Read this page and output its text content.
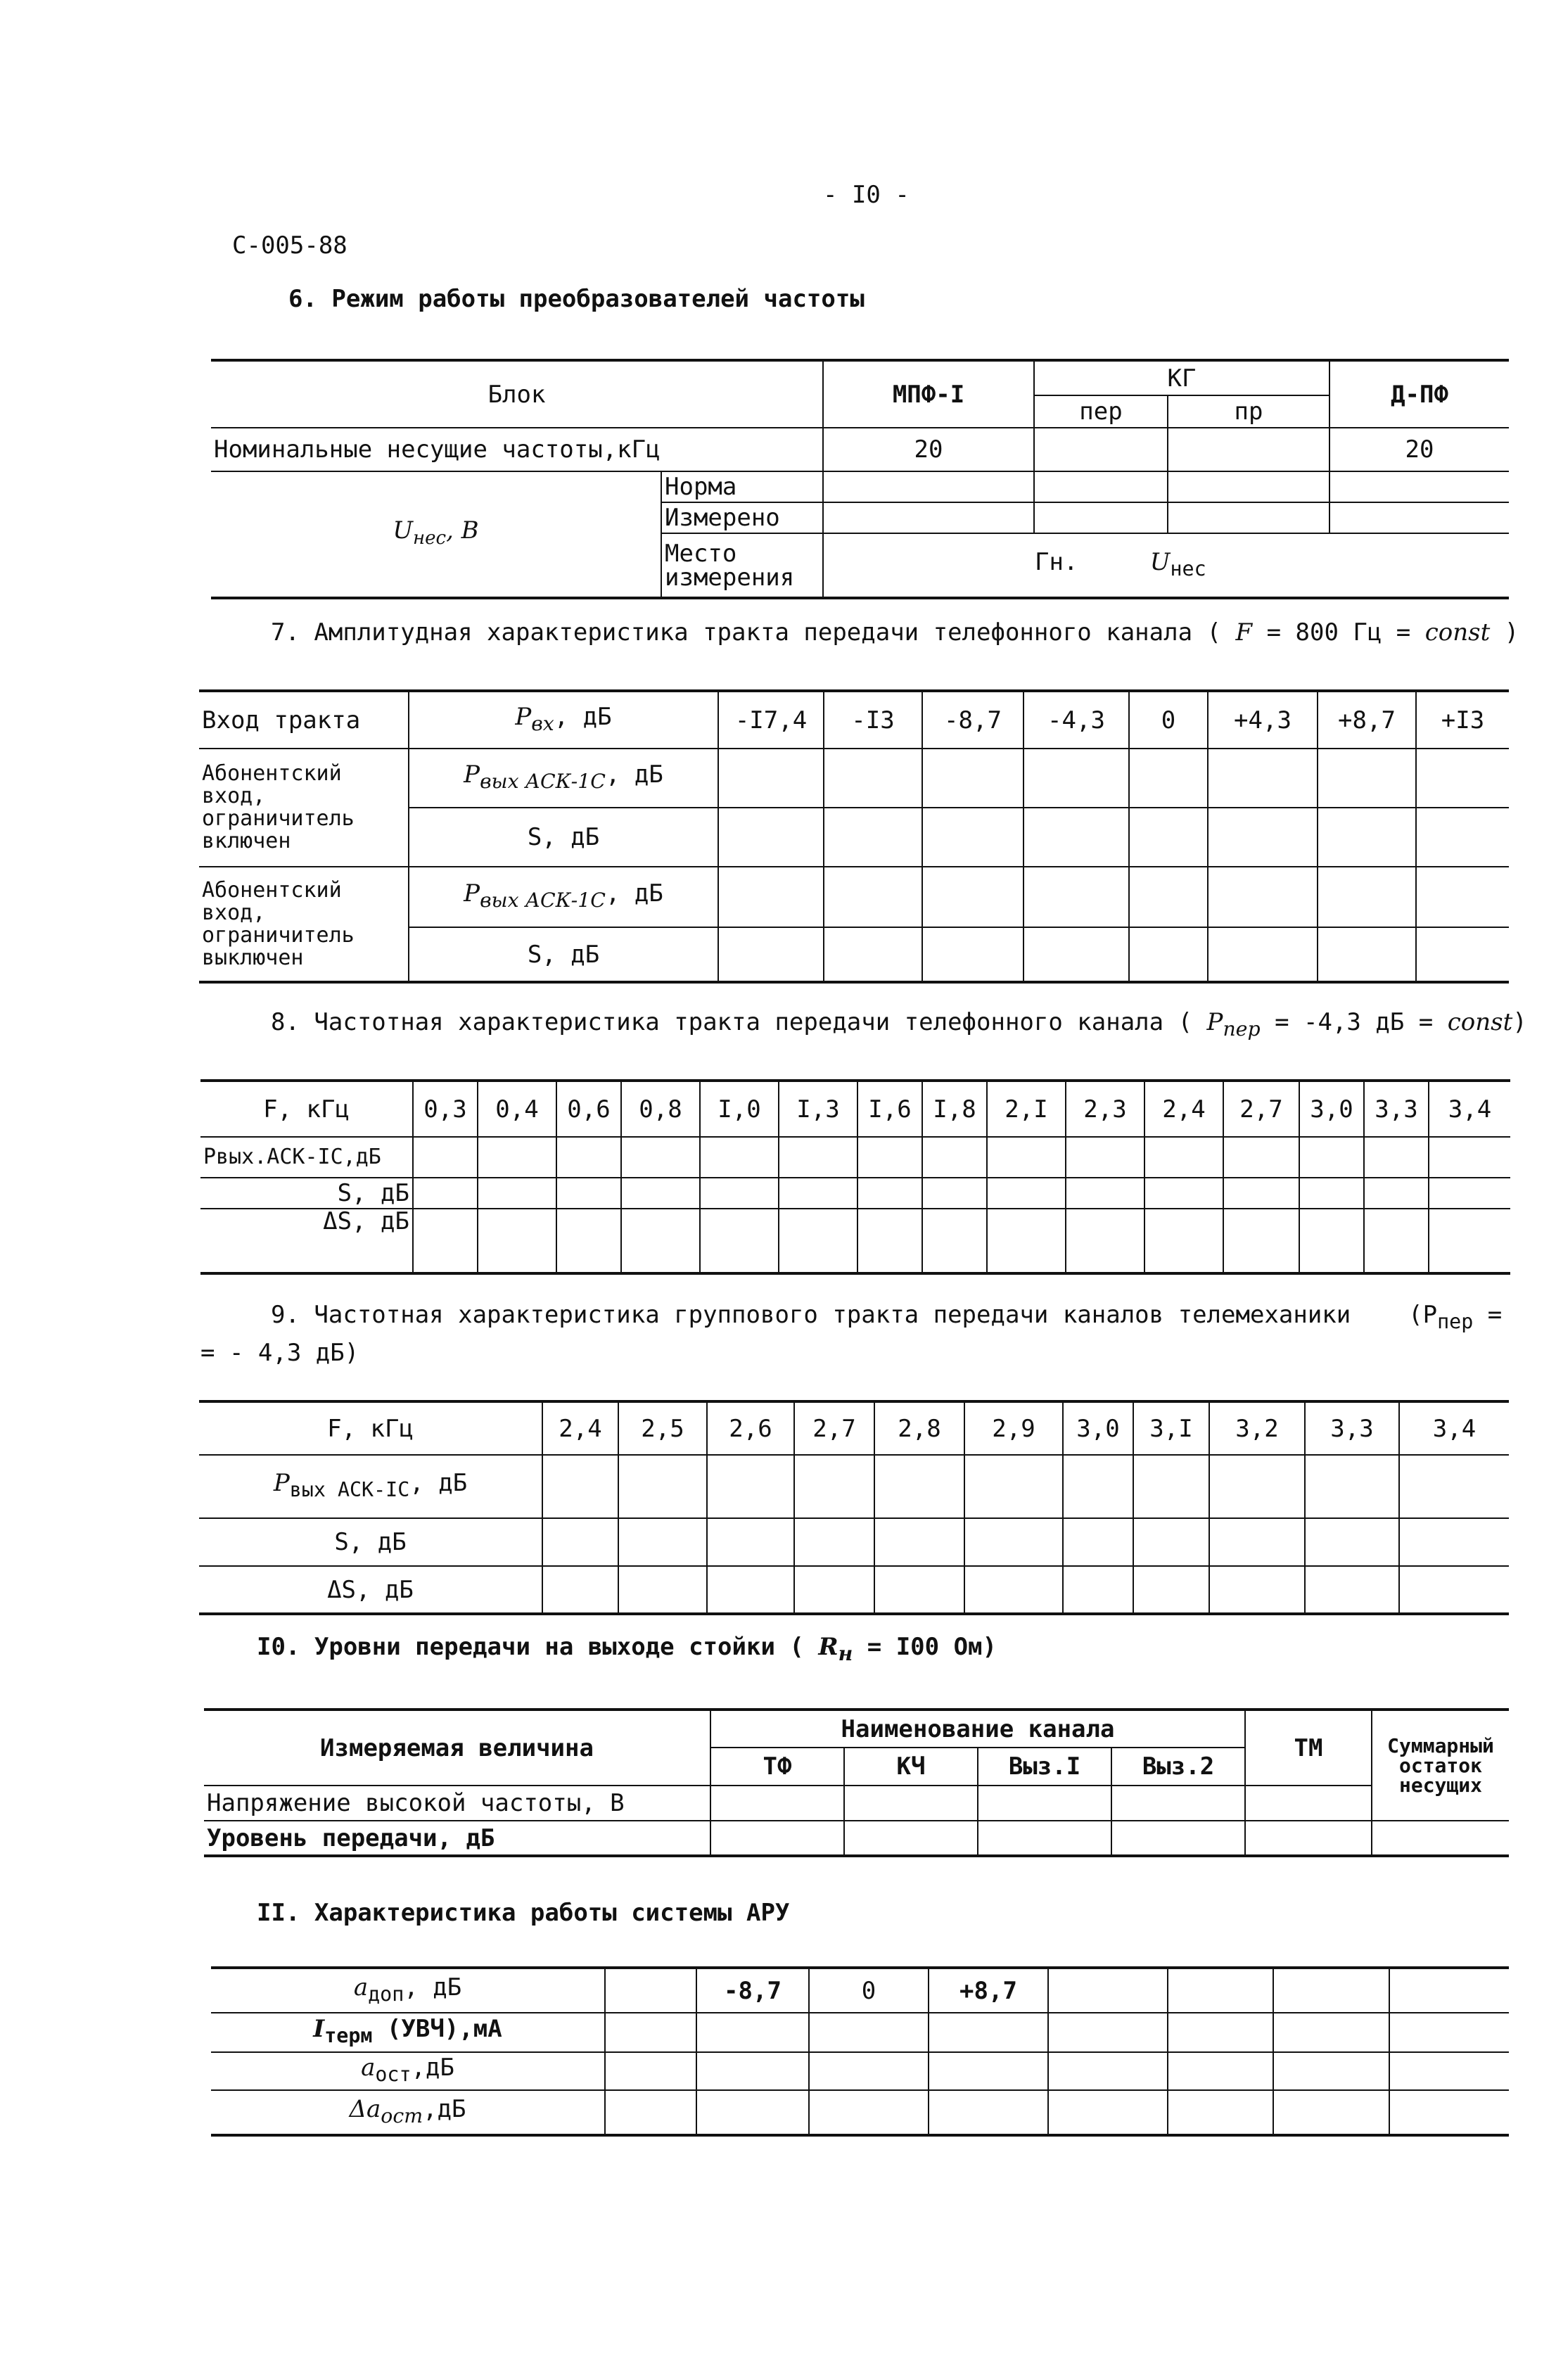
- I0 -
С-005-88
6. Режим работы преобразователей частоты
Блок		МПФ-I	КГ		Д-ПФ
			пер	пр	
Номинальные несущие частоты,кГц		20			20
$U_{нес}$, В	Норма				
	Измерено				
	Место измерения	Гн. $U_{нес}$
7. Амплитудная характеристика тракта передачи телефонного канала ( F = 800 Гц = const )
Вход тракта	$P_{вх}$, дБ	-I7,4	-I3	-8,7	-4,3	0	+4,3	+8,7	+I3
Абонентский вход, ограничитель включен	$P_{вых АСК-1С}$, дБ								
	S, дБ								
Абонентский вход, ограничитель выключен	$P_{вых АСК-1С}$, дБ								
	S, дБ								
8. Частотная характеристика тракта передачи телефонного канала ( $P_{пер} = -4,3$ дБ = const)
F, кГц	0,3	0,4	0,6	0,8	I,0	I,3	I,6	I,8	2,I	2,3	2,4	2,7	3,0	3,3	3,4
Pвых.АСК-IС,дБ															
S, дБ															
ΔS, дБ															
9. Частотная характеристика группового тракта передачи каналов телемеханики ($P_{пер}$ =
= - 4,3 дБ)
F, кГц	2,4	2,5	2,6	2,7	2,8	2,9	3,0	3,I	3,2	3,3	3,4
$P_{вых АСК-IС}$, дБ											
S, дБ											
ΔS, дБ											
I0. Уровни передачи на выходе стойки ( $R_н = I00$ Ом)
Измеряемая величина	Наименование канала				ТМ	Суммарный остаток несущих
	ТФ	КЧ	Выз.I	Выз.2		
Напряжение высокой частоты, В						
Уровень передачи, дБ						
II. Характеристика работы системы АРУ
$a_{доп}$, дБ		-8,7	0	+8,7				
$I_{терм}$ (УВЧ),мА								
$a_{ост},дБ$								
$\Delta a_{ост},дБ$								
